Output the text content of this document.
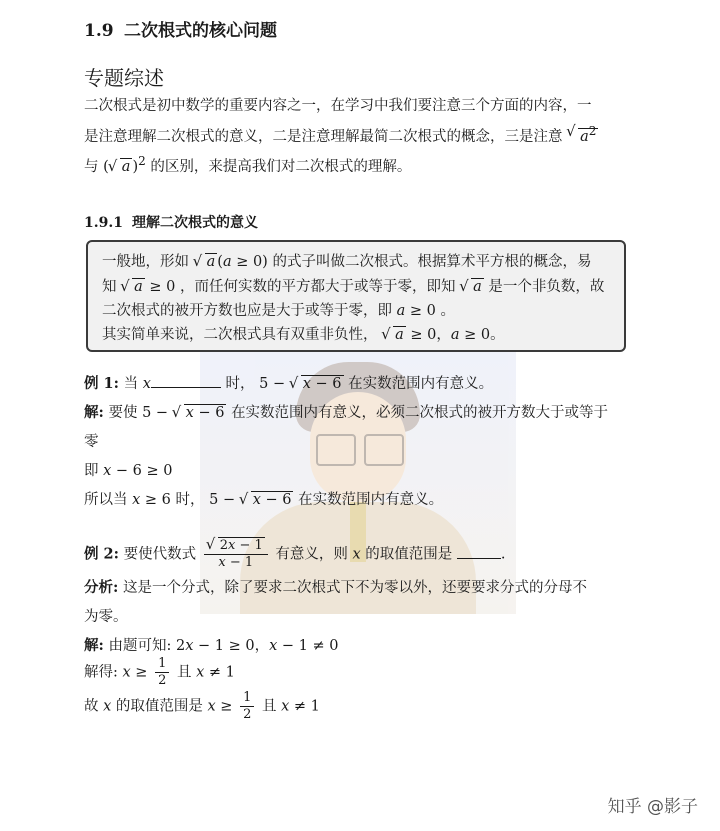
1.9 二次根式的核心问题
专题综述
二次根式是初中数学的重要内容之一，在学习中我们要注意三个方面的内容，一
是注意理解二次根式的意义，二是注意理解最简二次根式的概念，三是注意 √ $a^2$
与 ( √ a )$^2$ 的区别，来提高我们对二次根式的理解。
1.9.1 理解二次根式的意义
一般地，形如 √ a (a ≥ 0) 的式子叫做二次根式。根据算术平方根的概念，易
知 √ a ≥ 0 ，而任何实数的平方都大于或等于零，即知 √ a 是一个非负数，故
二次根式的被开方数也应是大于或等于零，即 a ≥ 0 。
其实简单来说，二次根式具有双重非负性， √ a ≥ 0，a ≥ 0。
例 1: 当 x	时， 5 − √ x − 6 在实数范围内有意义。
解: 要使 5 − √ x − 6 在实数范围内有意义，必须二次根式的被开方数大于或等于
零
即 x − 6 ≥ 0
所以当 x ≥ 6 时， 5 − √ x − 6 在实数范围内有意义。
例 2: 要使代数式 √ $\frac{2x - 1}{x - 1}$ 有意义，则 x 的取值范围是	.
分析: 这是一个分式，除了要求二次根式下不为零以外，还要要求分式的分母不
为零。
解: 由题可知: 2x − 1 ≥ 0，x − 1 ≠ 0
解得: $x \ge \frac{1}{2}$ 且 x ≠ 1
故 x 的取值范围是 $x \ge \frac{1}{2}$ 且 x ≠ 1
知乎 @影子
